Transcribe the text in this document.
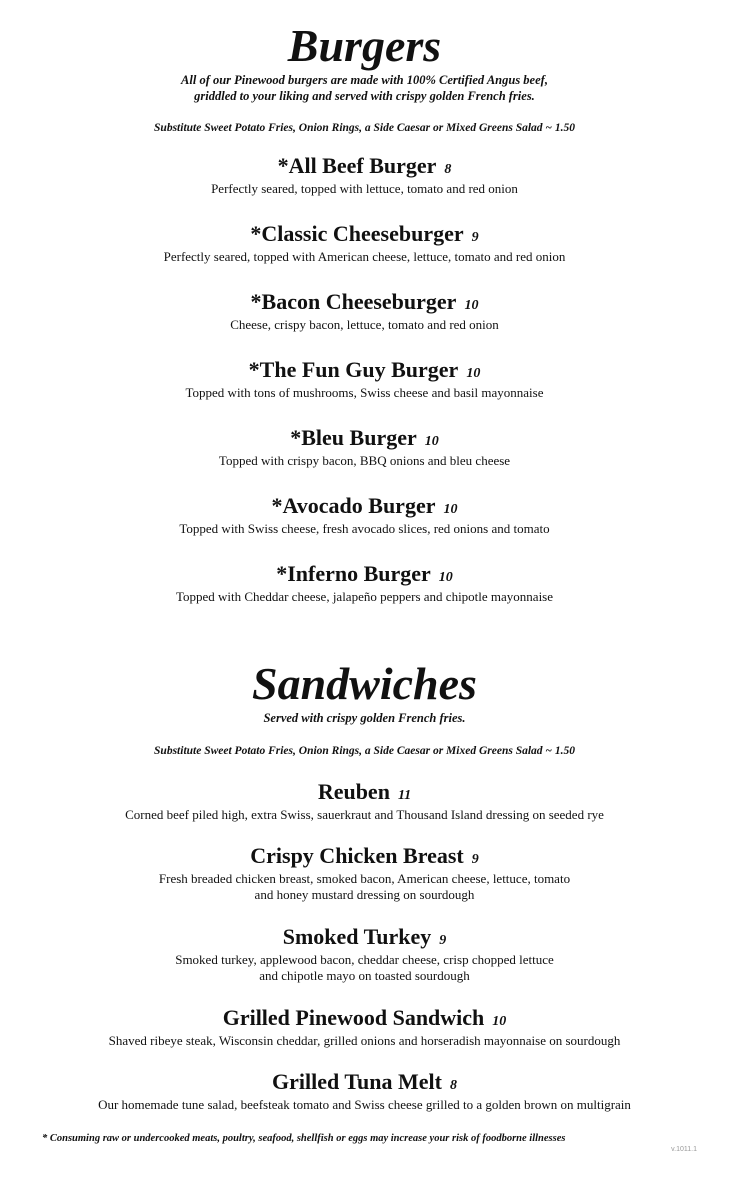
Burgers

All of our Pinewood burgers are made with 100% Certified Angus beef,

griddled to your liking and served with crispy golden French fries.

Substitute Sweet Potato Fries, Onion Rings, a Side Caesar or Mixed Greens Salad ~ 1.50

*All Beef Burger 8

Perfectly seared, topped with lettuce, tomato and red onion

*Classic Cheeseburger 9

Perfectly seared, topped with American cheese, lettuce, tomato and red onion

*Bacon Cheeseburger 10

Cheese, crispy bacon, lettuce, tomato and red onion

*The Fun Guy Burger 10

Topped with tons of mushrooms, Swiss cheese and basil mayonnaise

*Bleu Burger 10

Topped with crispy bacon, BBQ onions and bleu cheese

*Avocado Burger 10

Topped with Swiss cheese, fresh avocado slices, red onions and tomato

*Inferno Burger 10

Topped with Cheddar cheese, jalapeño peppers and chipotle mayonnaise

Sandwiches

Served with crispy golden French fries.

Substitute Sweet Potato Fries, Onion Rings, a Side Caesar or Mixed Greens Salad ~ 1.50

Reuben 11

Corned beef piled high, extra Swiss, sauerkraut and Thousand Island dressing on seeded rye

Crispy Chicken Breast 9

Fresh breaded chicken breast, smoked bacon, American cheese, lettuce, tomato
and honey mustard dressing on sourdough

Smoked Turkey 9

Smoked turkey, applewood bacon, cheddar cheese, crisp chopped lettuce
and chipotle mayo on toasted sourdough

Grilled Pinewood Sandwich 10

Shaved ribeye steak, Wisconsin cheddar, grilled onions and horseradish mayonnaise on sourdough

Grilled Tuna Melt 8

Our homemade tune salad, beefsteak tomato and Swiss cheese grilled to a golden brown on multigrain

* Consuming raw or undercooked meats, poultry, seafood, shellfish or eggs may increase your risk of foodborne illnesses

v.1011.1
